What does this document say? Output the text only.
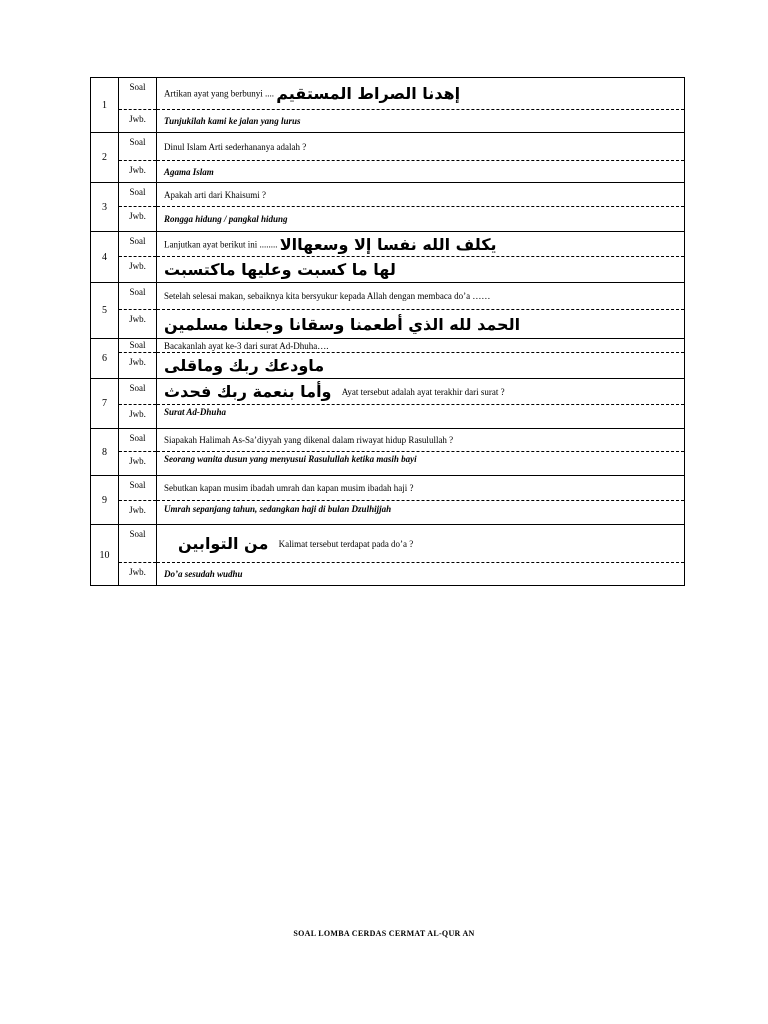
1	Soal	Artikan ayat yang berbunyi .... إهدنا الصراط المستقيم
	Jwb.	Tunjukilah kami ke jalan yang lurus
2	Soal	Dinul Islam Arti sederhananya adalah ?
	Jwb.	Agama Islam
3	Soal	Apakah arti dari Khaisumi ?
	Jwb.	Rongga hidung / pangkal hidung
4	Soal	Lanjutkan ayat berikut ini ........ يكلف الله نفسا إلا وسعهاالا
	Jwb.	لها ما كسبت وعليها ماكتسبت
5	Soal	Setelah selesai makan, sebaiknya kita bersyukur kepada Allah dengan membaca do’a ……
	Jwb.	الحمد لله الذي أطعمنا وسقانا وجعلنا مسلمين
6	Soal	Bacakanlah ayat ke-3 dari surat Ad-Dhuha….
	Jwb.	ماودعك ربك وماقلى
7	Soal	وأما بنعمة ربك فحدث Ayat tersebut adalah ayat terakhir dari surat ?
	Jwb.	Surat Ad-Dhuha
8	Soal	Siapakah Halimah As-Sa’diyyah yang dikenal dalam riwayat hidup Rasulullah ?
	Jwb.	Seorang wanita dusun yang menyusui Rasulullah ketika masih bayi
9	Soal	Sebutkan kapan musim ibadah umrah dan kapan musim ibadah haji ?
	Jwb.	Umrah sepanjang tahun, sedangkan haji di bulan Dzulhijjah
10	Soal	من التوابين Kalimat tersebut terdapat pada do’a ?
	Jwb.	Do’a sesudah wudhu
SOAL LOMBA CERDAS CERMAT AL-QUR AN
